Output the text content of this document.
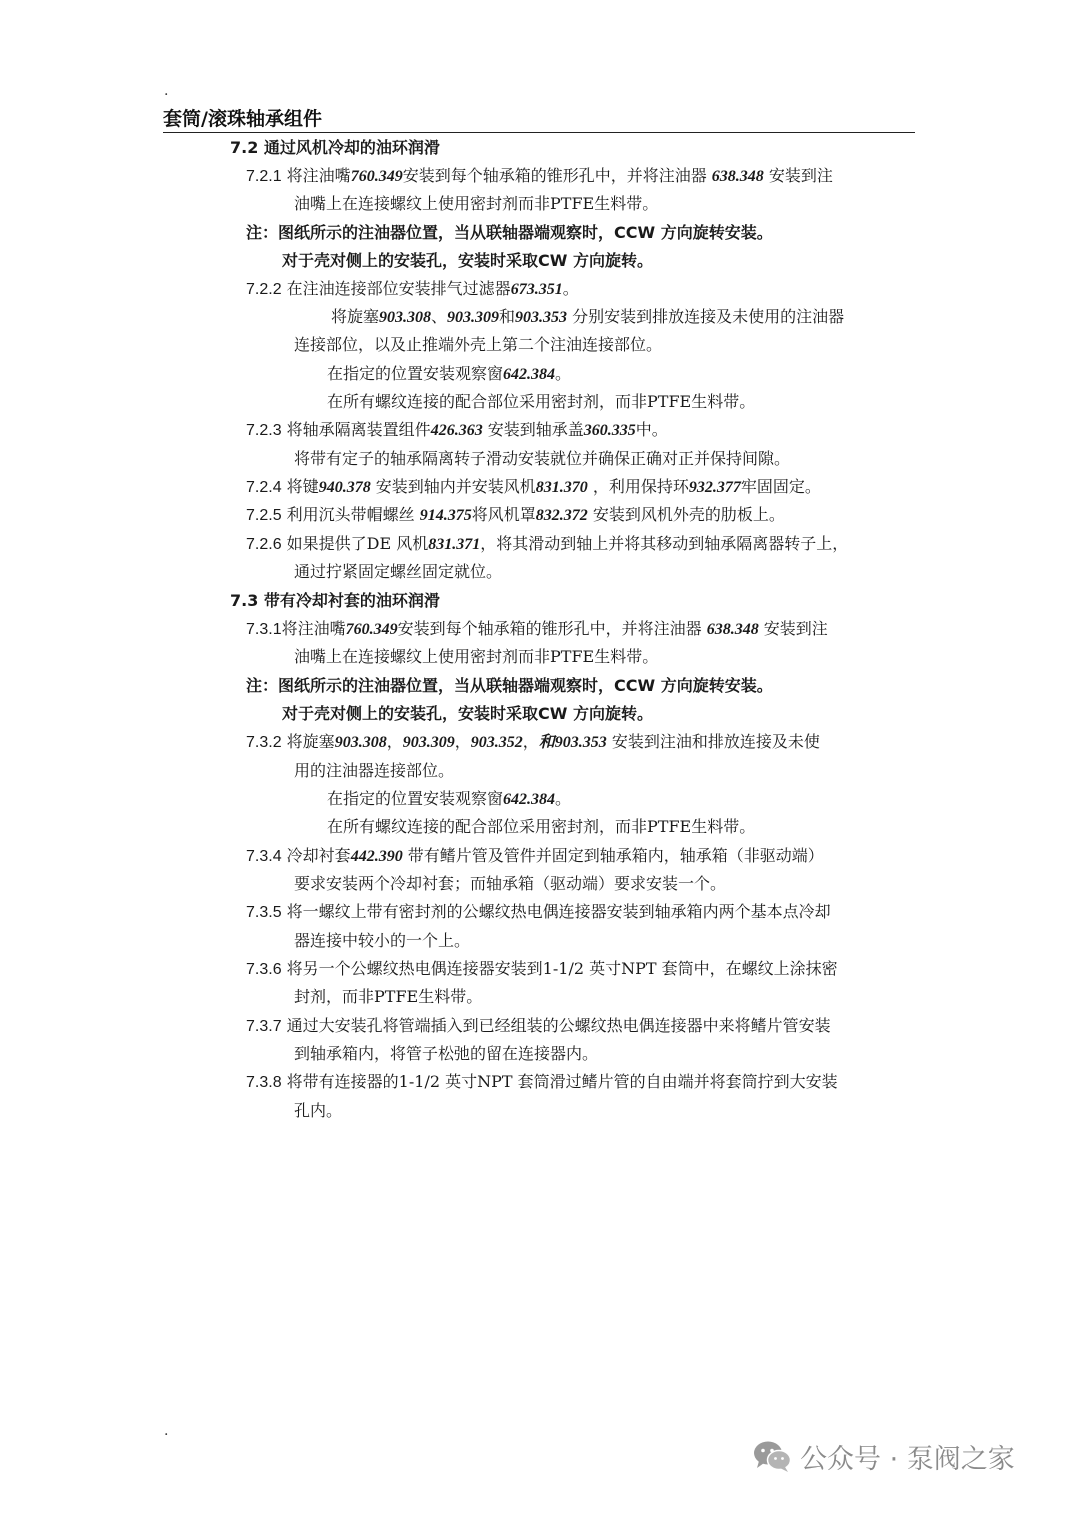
.
套筒/滚珠轴承组件
7.2 通过风机冷却的油环润滑
7.2.1 将注油嘴760.349安装到每个轴承箱的锥形孔中，并将注油器 638.348 安装到注
油嘴上在连接螺纹上使用密封剂而非PTFE生料带。
注：图纸所示的注油器位置，当从联轴器端观察时，CCW 方向旋转安装。
对于壳对侧上的安装孔，安装时采取CW 方向旋转。
7.2.2 在注油连接部位安装排气过滤器673.351。
将旋塞903.308、903.309和903.353 分别安装到排放连接及未使用的注油器
连接部位，以及止推端外壳上第二个注油连接部位。
在指定的位置安装观察窗642.384。
在所有螺纹连接的配合部位采用密封剂，而非PTFE生料带。
7.2.3 将轴承隔离装置组件426.363 安装到轴承盖360.335中。
将带有定子的轴承隔离转子滑动安装就位并确保正确对正并保持间隙。
7.2.4 将键940.378 安装到轴内并安装风机831.370 ，利用保持环932.377牢固固定。
7.2.5 利用沉头带帽螺丝 914.375将风机罩832.372 安装到风机外壳的肋板上。
7.2.6 如果提供了DE 风机831.371，将其滑动到轴上并将其移动到轴承隔离器转子上，
通过拧紧固定螺丝固定就位。
7.3 带有冷却衬套的油环润滑
7.3.1将注油嘴760.349安装到每个轴承箱的锥形孔中，并将注油器 638.348 安装到注
油嘴上在连接螺纹上使用密封剂而非PTFE生料带。
注：图纸所示的注油器位置，当从联轴器端观察时，CCW 方向旋转安装。
对于壳对侧上的安装孔，安装时采取CW 方向旋转。
7.3.2 将旋塞903.308，903.309，903.352，和903.353 安装到注油和排放连接及未使
用的注油器连接部位。
在指定的位置安装观察窗642.384。
在所有螺纹连接的配合部位采用密封剂，而非PTFE生料带。
7.3.4 冷却衬套442.390 带有鳍片管及管件并固定到轴承箱内，轴承箱（非驱动端）
要求安装两个冷却衬套；而轴承箱（驱动端）要求安装一个。
7.3.5 将一螺纹上带有密封剂的公螺纹热电偶连接器安装到轴承箱内两个基本点冷却
器连接中较小的一个上。
7.3.6 将另一个公螺纹热电偶连接器安装到1-1/2 英寸NPT 套筒中，在螺纹上涂抹密
封剂，而非PTFE生料带。
7.3.7 通过大安装孔将管端插入到已经组装的公螺纹热电偶连接器中来将鳍片管安装
到轴承箱内，将管子松弛的留在连接器内。
7.3.8 将带有连接器的1-1/2 英寸NPT 套筒滑过鳍片管的自由端并将套筒拧到大安装
孔内。
.
公众号 · 泵阀之家
